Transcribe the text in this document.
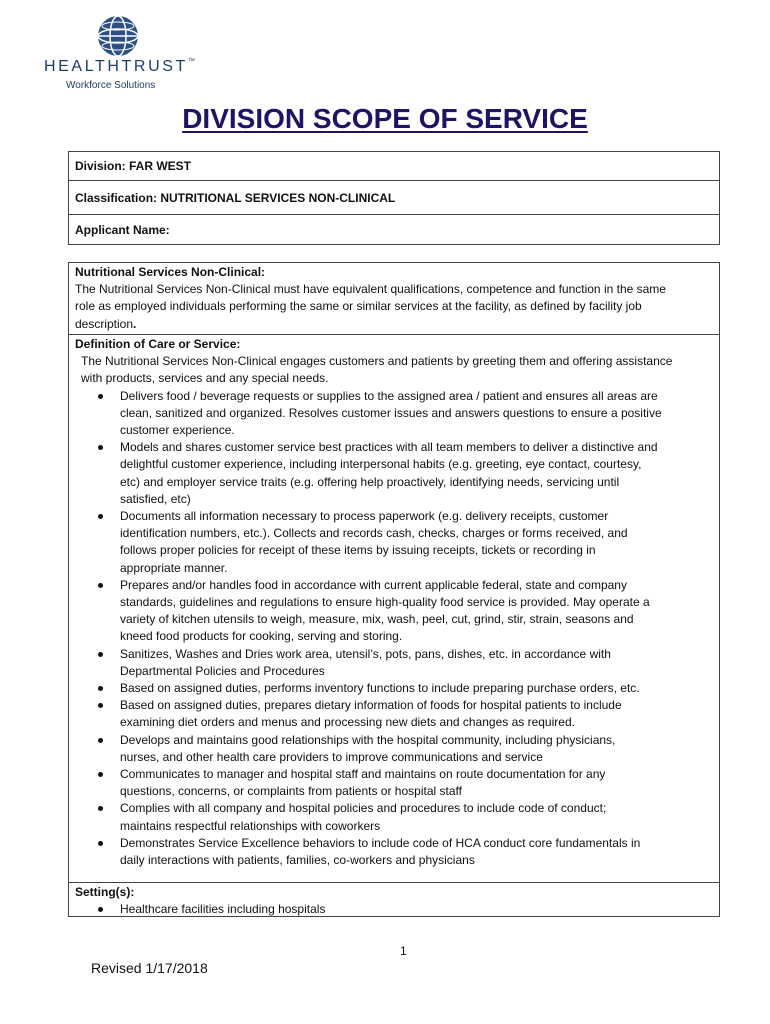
HEALTHTRUST™
Workforce Solutions
DIVISION SCOPE OF SERVICE
Division: FAR WEST
Classification: NUTRITIONAL SERVICES NON-CLINICAL
Applicant Name:
Nutritional Services Non-Clinical:
The Nutritional Services Non-Clinical must have equivalent qualifications, competence and function in the same
role as employed individuals performing the same or similar services at the facility, as defined by facility job
description.
Definition of Care or Service:
The Nutritional Services Non-Clinical engages customers and patients by greeting them and offering assistance
with products, services and any special needs.
Delivers food / beverage requests or supplies to the assigned area / patient and ensures all areas are
clean, sanitized and organized. Resolves customer issues and answers questions to ensure a positive
customer experience.
Models and shares customer service best practices with all team members to deliver a distinctive and
delightful customer experience, including interpersonal habits (e.g. greeting, eye contact, courtesy,
etc) and employer service traits (e.g. offering help proactively, identifying needs, servicing until
satisfied, etc)
Documents all information necessary to process paperwork (e.g. delivery receipts, customer
identification numbers, etc.). Collects and records cash, checks, charges or forms received, and
follows proper policies for receipt of these items by issuing receipts, tickets or recording in
appropriate manner.
Prepares and/or handles food in accordance with current applicable federal, state and company
standards, guidelines and regulations to ensure high-quality food service is provided. May operate a
variety of kitchen utensils to weigh, measure, mix, wash, peel, cut, grind, stir, strain, seasons and
kneed food products for cooking, serving and storing.
Sanitizes, Washes and Dries work area, utensil’s, pots, pans, dishes, etc. in accordance with
Departmental Policies and Procedures
Based on assigned duties, performs inventory functions to include preparing purchase orders, etc.
Based on assigned duties, prepares dietary information of foods for hospital patients to include
examining diet orders and menus and processing new diets and changes as required.
Develops and maintains good relationships with the hospital community, including physicians,
nurses, and other health care providers to improve communications and service
Communicates to manager and hospital staff and maintains on route documentation for any
questions, concerns, or complaints from patients or hospital staff
Complies with all company and hospital policies and procedures to include code of conduct;
maintains respectful relationships with coworkers
Demonstrates Service Excellence behaviors to include code of HCA conduct core fundamentals in
daily interactions with patients, families, co-workers and physicians
Setting(s):
Healthcare facilities including hospitals
1
Revised 1/17/2018
